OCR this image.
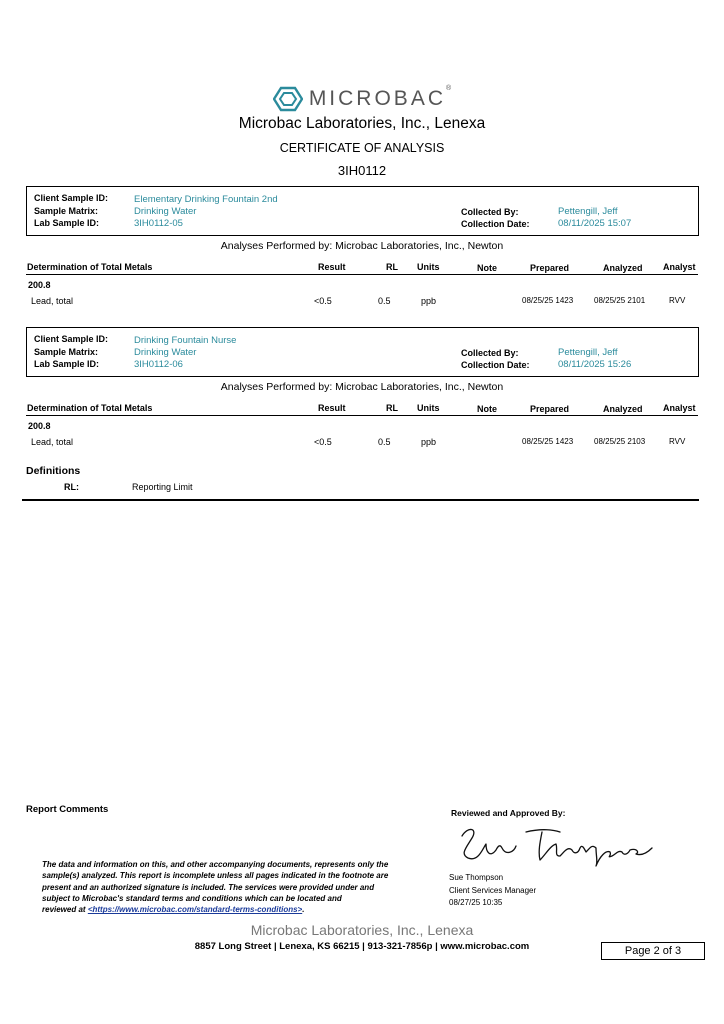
MICROBAC®
Microbac Laboratories, Inc., Lenexa
CERTIFICATE OF ANALYSIS
3IH0112
Client Sample ID:	Elementary Drinking Fountain 2nd
Sample Matrix:	Drinking Water
Lab Sample ID:	3IH0112-05
Collected By:	Pettengill, Jeff
Collection Date:	08/11/2025 15:07
Analyses Performed by: Microbac Laboratories, Inc., Newton
Determination of Total Metals	Result	RL Units	Note	Prepared	Analyzed Analyst
200.8
Lead, total	<0.5	0.5	ppb	08/25/25 1423	08/25/25 2101	RVV
Client Sample ID:	Drinking Fountain Nurse
Sample Matrix:	Drinking Water
Lab Sample ID:	3IH0112-06
Collected By:	Pettengill, Jeff
Collection Date:	08/11/2025 15:26
Analyses Performed by: Microbac Laboratories, Inc., Newton
Determination of Total Metals	Result	RL Units	Note	Prepared	Analyzed Analyst
200.8
Lead, total	<0.5	0.5	ppb	08/25/25 1423	08/25/25 2103	RVV
Definitions
RL:	Reporting Limit
Report Comments
The data and information on this, and other accompanying documents, represents only the
sample(s) analyzed. This report is incomplete unless all pages indicated in the footnote are
present and an authorized signature is included. The services were provided under and
subject to Microbac's standard terms and conditions which can be located and
reviewed at <https://www.microbac.com/standard-terms-conditions>.
Reviewed and Approved By:
Sue Thompson
Client Services Manager
08/27/25 10:35
Microbac Laboratories, Inc., Lenexa
8857 Long Street | Lenexa, KS 66215 | 913-321-7856p | www.microbac.com	Page 2 of 3
